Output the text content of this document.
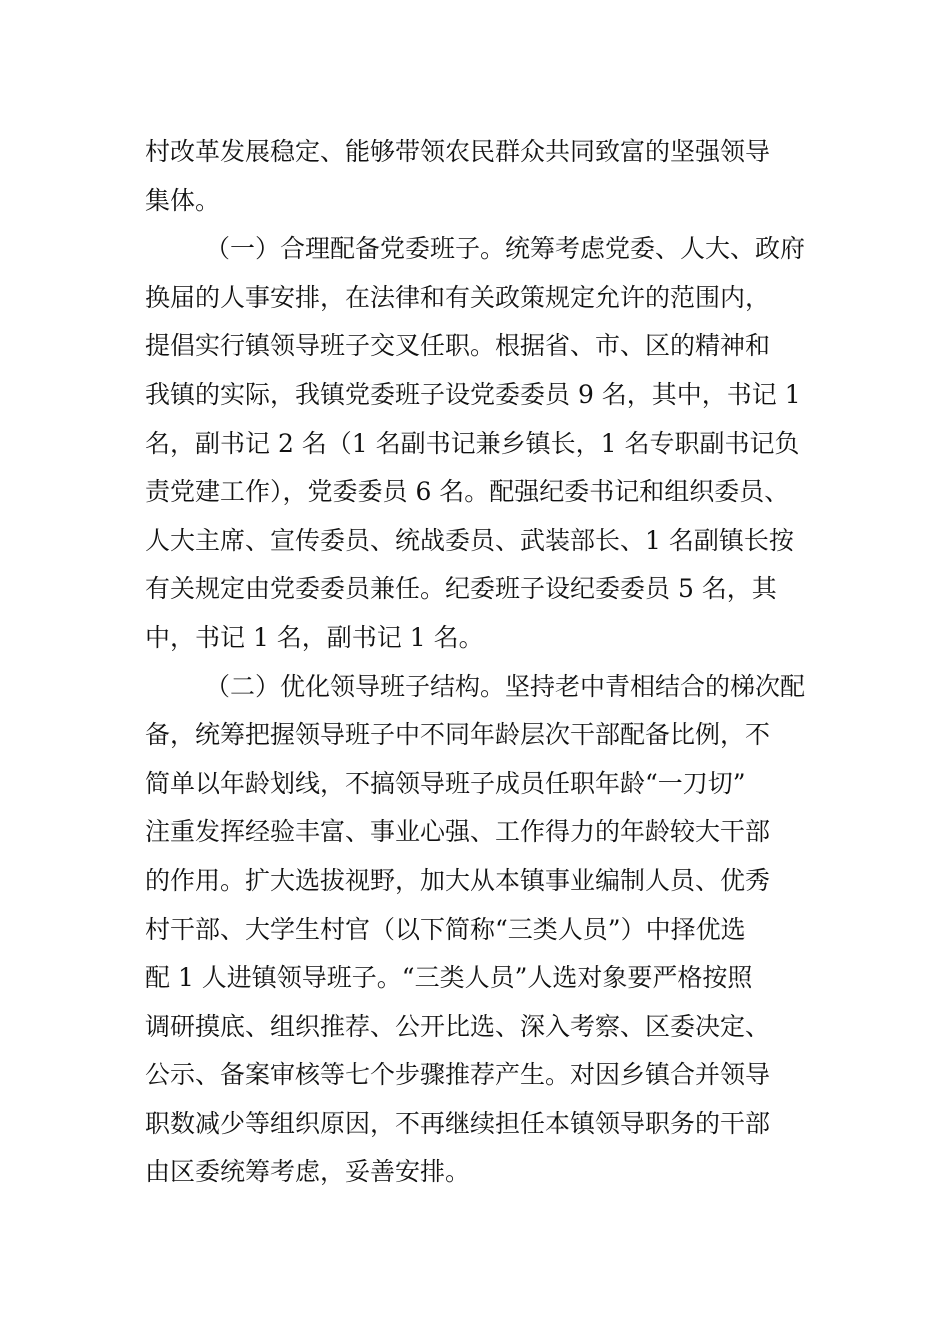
村改革发展稳定、能够带领农民群众共同致富的坚强领导
集体。
（一）合理配备党委班子。统筹考虑党委、人大、政府
换届的人事安排，在法律和有关政策规定允许的范围内，
提倡实行镇领导班子交叉任职。根据省、市、区的精神和
我镇的实际，我镇党委班子设党委委员 9 名，其中，书记 1
名，副书记 2 名（1 名副书记兼乡镇长，1 名专职副书记负
责党建工作），党委委员 6 名。配强纪委书记和组织委员、
人大主席、宣传委员、统战委员、武装部长、1 名副镇长按
有关规定由党委委员兼任。纪委班子设纪委委员 5 名，其
中，书记 1 名，副书记 1 名。
（二）优化领导班子结构。坚持老中青相结合的梯次配
备，统筹把握领导班子中不同年龄层次干部配备比例，不
简单以年龄划线，不搞领导班子成员任职年龄“一刀切”
注重发挥经验丰富、事业心强、工作得力的年龄较大干部
的作用。扩大选拔视野，加大从本镇事业编制人员、优秀
村干部、大学生村官（以下简称“三类人员”）中择优选
配 1 人进镇领导班子。“三类人员”人选对象要严格按照
调研摸底、组织推荐、公开比选、深入考察、区委决定、
公示、备案审核等七个步骤推荐产生。对因乡镇合并领导
职数减少等组织原因，不再继续担任本镇领导职务的干部
由区委统筹考虑，妥善安排。
